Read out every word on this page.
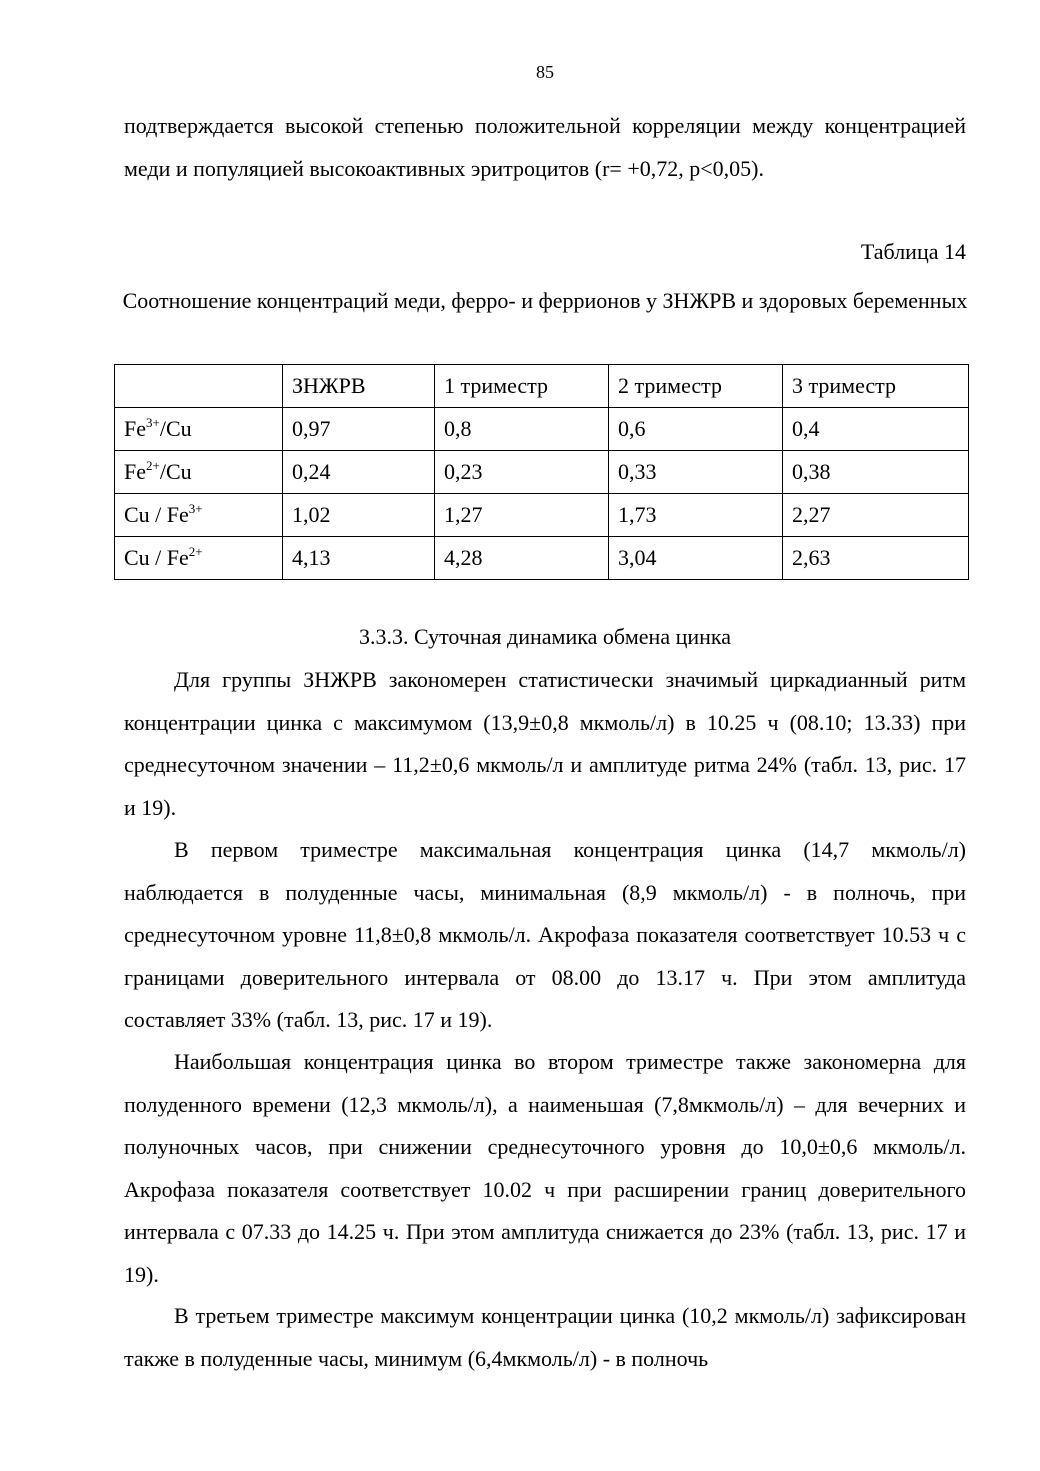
85

подтверждается высокой степенью положительной корреляции между концентрацией меди и популяцией высокоактивных эритроцитов (r= +0,72, p<0,05).

Таблица 14
Соотношение концентраций меди, ферро- и феррионов у ЗНЖРВ и здоровых беременных
	ЗНЖРВ	1 триместр	2 триместр	3 триместр
$Fe^{3+}/Cu$	0,97	0,8	0,6	0,4
$Fe^{2+}/Cu$	0,24	0,23	0,33	0,38
Cu / $Fe^{3+}$	1,02	1,27	1,73	2,27
Cu / $Fe^{2+}$	4,13	4,28	3,04	2,63
3.3.3. Суточная динамика обмена цинка

Для группы ЗНЖРВ закономерен статистически значимый циркадианный ритм концентрации цинка с максимумом (13,9±0,8 мкмоль/л) в 10.25 ч (08.10; 13.33) при среднесуточном значении – 11,2±0,6 мкмоль/л и амплитуде ритма 24% (табл. 13, рис. 17 и 19).

В первом триместре максимальная концентрация цинка (14,7 мкмоль/л) наблюдается в полуденные часы, минимальная (8,9 мкмоль/л) - в полночь, при среднесуточном уровне 11,8±0,8 мкмоль/л. Акрофаза показателя соответствует 10.53 ч с границами доверительного интервала от 08.00 до 13.17 ч. При этом амплитуда составляет 33% (табл. 13, рис. 17 и 19).

Наибольшая концентрация цинка во втором триместре также закономерна для полуденного времени (12,3 мкмоль/л), а наименьшая (7,8мкмоль/л) – для вечерних и полуночных часов, при снижении среднесуточного уровня до 10,0±0,6 мкмоль/л. Акрофаза показателя соответствует 10.02 ч при расширении границ доверительного интервала с 07.33 до 14.25 ч. При этом амплитуда снижается до 23% (табл. 13, рис. 17 и 19).

В третьем триместре максимум концентрации цинка (10,2 мкмоль/л) зафиксирован также в полуденные часы, минимум (6,4мкмоль/л) - в полночь
